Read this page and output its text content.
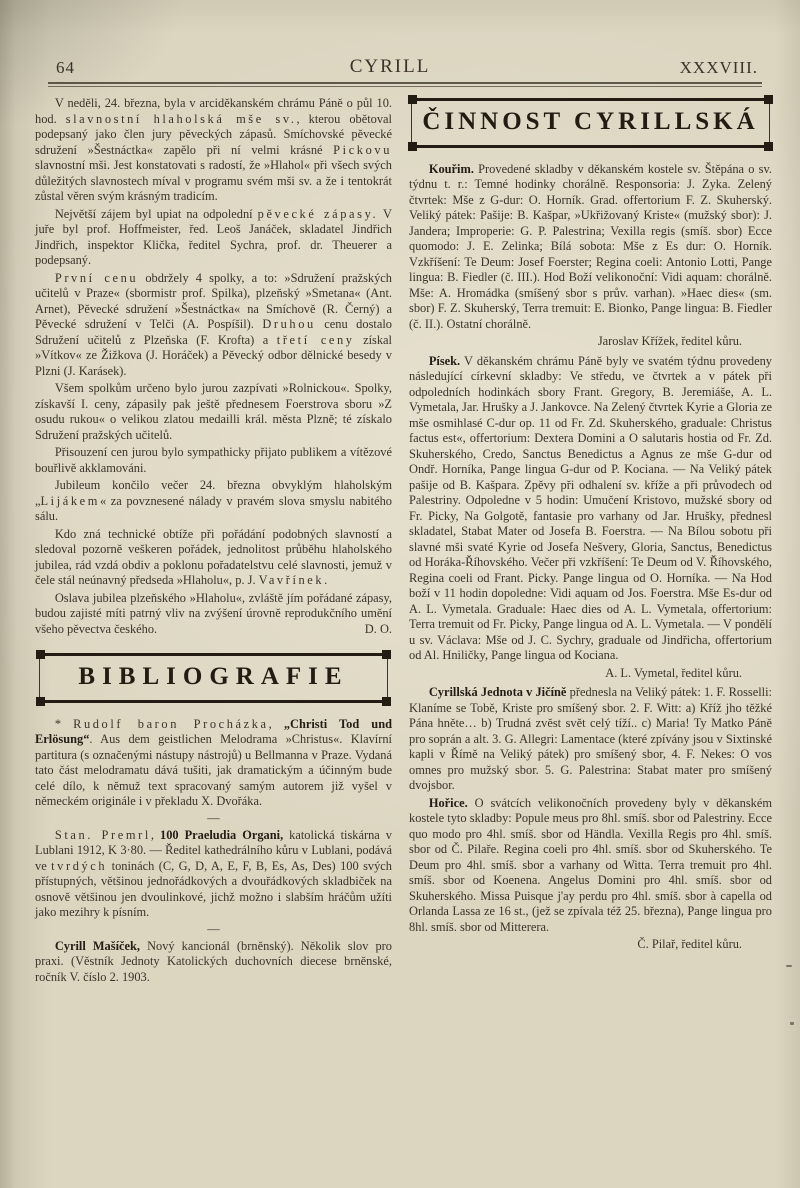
64	CYRILL	XXXVIII.

V neděli, 24. března, byla v arciděkanském chrámu Páně o půl 10. hod. slavnostní hlaholská mše sv., kterou obětoval podepsaný jako člen jury pěveckých zápasů. Smíchovské pěvecké sdružení »Šestnáctka« zapělo při ní velmi krásné Pickovu slavnostní mši. Jest konstatovati s radostí, že »Hlahol« při všech svých důležitých slavnostech míval v programu svém mši sv. a že i tentokrát zůstal věren svým krásným tradicím.

Největší zájem byl upiat na odpolední pěvecké zápasy. V juře byl prof. Hoffmeister, řed. Leoš Janáček, skladatel Jindřich Jindřich, inspektor Klička, ředitel Sychra, prof. dr. Theuerer a podepsaný.

První cenu obdržely 4 spolky, a to: »Sdružení pražských učitelů v Praze« (sbormistr prof. Spilka), plzeňský »Smetana« (Ant. Arnet), Pěvecké sdružení »Šestnáctka« na Smíchově (R. Černý) a Pěvecké sdružení v Telči (A. Pospíšil). Druhou cenu dostalo Sdružení učitelů z Plzeňska (F. Krofta) a třetí ceny získal »Vítkov« ze Žižkova (J. Horáček) a Pěvecký odbor dělnické besedy v Plzni (J. Karásek).

Všem spolkům určeno bylo jurou zazpívati »Rolnickou«. Spolky, získavší I. ceny, zápasily pak ještě přednesem Foerstrova sboru »Z osudu rukou« o velikou zlatou medailli král. města Plzně; té získalo Sdružení pražských učitelů.

Přisouzení cen jurou bylo sympathicky přijato publikem a vítězové bouřlivě akklamováni.

Jubileum končilo večer 24. března obvyklým hlaholským „Lijákem« za povznesené nálady v pravém slova smyslu nabitého sálu.

Kdo zná technické obtíže při pořádání podobných slavností a sledoval pozorně veškeren pořádek, jednolitost průběhu hlaholského jubilea, rád vzdá obdiv a poklonu pořadatelstvu celé slavnosti, jemuž v čele stál neúnavný předseda »Hlaholu«, p. J. Vavřínek.

Oslava jubilea plzeňského »Hlaholu«, zvláště jím pořádané zápasy, budou zajisté míti patrný vliv na zvýšení úrovně reprodukčního umění všeho pěvectva českého.	D. O.

BIBLIOGRAFIE

* Rudolf baron Procházka, „Christi Tod und Erlösung“. Aus dem geistlichen Melodrama »Christus«. Klavírní partitura (s označenými nástupy nástrojů) u Bellmanna v Praze. Vydaná tato část melodramatu dává tušiti, jak dramatickým a účinným bude celé dílo, k němuž text spracovaný samým autorem již vyšel v německém originále i v překladu X. Dvořáka.

—

Stan. Premrl, 100 Praeludia Organi, katolická tiskárna v Lublani 1912, K 3·80. — Ředitel kathedrálního kůru v Lublani, podává ve tvrdých toninách (C, G, D, A, E, F, B, Es, As, Des) 100 svých přístupných, většinou jednořádkových a dvouřádkových skladbiček na osnově většinou jen dvoulinkové, jichž možno i slabším hráčům užíti jako mezihry k písním.

—

Cyrill Mašíček, Nový kancionál (brněnský). Několik slov pro praxi. (Věstník Jednoty Katolických duchovních diecese brněnské, ročník V. číslo 2. 1903.

ČINNOST CYRILLSKÁ

Kouřim. Provedené skladby v děkanském kostele sv. Štěpána o sv. týdnu t. r.: Temné hodinky chorálně. Responsoria: J. Zyka. Zelený čtvrtek: Mše z G-dur: O. Horník. Grad. offertorium F. Z. Skuherský. Veliký pátek: Pašije: B. Kašpar, »Ukřižovaný Kriste« (mužský sbor): J. Jandera; Improperie: G. P. Palestrina; Vexilla regis (smíš. sbor) Ecce quomodo: J. E. Zelinka; Bílá sobota: Mše z Es dur: O. Horník. Vzkříšení: Te Deum: Josef Foerster; Regina coeli: Antonio Lotti, Pange lingua: B. Fiedler (č. III.). Hod Boží velikonoční: Vidi aquam: chorálně. Mše: A. Hromádka (smíšený sbor s prův. varhan). »Haec dies« (sm. sbor) F. Z. Skuherský, Terra tremuit: E. Bionko, Pange lingua: B. Fiedler (č. II.). Ostatní chorálně.

Jaroslav Křížek, ředitel kůru.

Písek. V děkanském chrámu Páně byly ve svatém týdnu provedeny následující církevní skladby: Ve středu, ve čtvrtek a v pátek při odpoledních hodinkách sbory Frant. Gregory, B. Jeremiáše, A. L. Vymetala, Jar. Hrušky a J. Jankovce. Na Zelený čtvrtek Kyrie a Gloria ze mše osmihlasé C-dur op. 11 od Fr. Zd. Skuherského, graduale: Christus factus est«, offertorium: Dextera Domini a O salutaris hostia od Fr. Zd. Skuherského, Credo, Sanctus Benedictus a Agnus ze mše G-dur od Ondř. Horníka, Pange lingua G-dur od P. Kociana. — Na Veliký pátek pašije od B. Kašpara. Zpěvy při odhalení sv. kříže a při průvodech od Palestriny. Odpoledne v 5 hodin: Umučení Kristovo, mužské sbory od Fr. Picky, Na Golgotě, fantasie pro varhany od Jar. Hrušky, přednesl skladatel, Stabat Mater od Josefa B. Foerstra. — Na Bílou sobotu při slavné mši svaté Kyrie od Josefa Nešvery, Gloria, Sanctus, Benedictus od Horáka-Říhovského. Večer při vzkříšení: Te Deum od V. Říhovského, Regina coeli od Frant. Picky. Pange lingua od O. Horníka. — Na Hod boží v 11 hodin dopoledne: Vidi aquam od Jos. Foerstra. Mše Es-dur od A. L. Vymetala. Graduale: Haec dies od A. L. Vymetala, offertorium: Terra tremuit od Fr. Picky, Pange lingua od A. L. Vymetala. — V pondělí u sv. Václava: Mše od J. C. Sychry, graduale od Jindřicha, offertorium od Al. Hniličky, Pange lingua od Kociana.

A. L. Vymetal, ředitel kůru.

Cyrillská Jednota v Jičíně přednesla na Veliký pátek: 1. F. Rosselli: Klaníme se Tobě, Kriste pro smíšený sbor. 2. F. Witt: a) Kříž jho těžké Pána hněte… b) Trudná zvěst svět celý tíží.. c) Maria! Ty Matko Páně pro soprán a alt. 3. G. Allegri: Lamentace (které zpívány jsou v Sixtinské kapli v Římě na Veliký pátek) pro smíšený sbor, 4. F. Nekes: O vos omnes pro mužský sbor. 5. G. Palestrina: Stabat mater pro smíšený dvojsbor.

Hořice. O svátcích velikonočních provedeny byly v děkanském kostele tyto skladby: Popule meus pro 8hl. smíš. sbor od Palestriny. Ecce quo modo pro 4hl. smíš. sbor od Händla. Vexilla Regis pro 4hl. smíš. sbor od Č. Pilaře. Regina coeli pro 4hl. smíš. sbor od Skuherského. Te Deum pro 4hl. smíš. sbor a varhany od Witta. Terra tremuit pro 4hl. smíš. sbor od Koenena. Angelus Domini pro 4hl. smíš. sbor od Skuherského. Missa Puisque j'ay perdu pro 4hl. smíš. sbor à capella od Orlanda Lassa ze 16 st., (jež se zpívala též 25. března), Pange lingua pro 8hl. smíš. sbor od Mitterera.

Č. Pilař, ředitel kůru.
